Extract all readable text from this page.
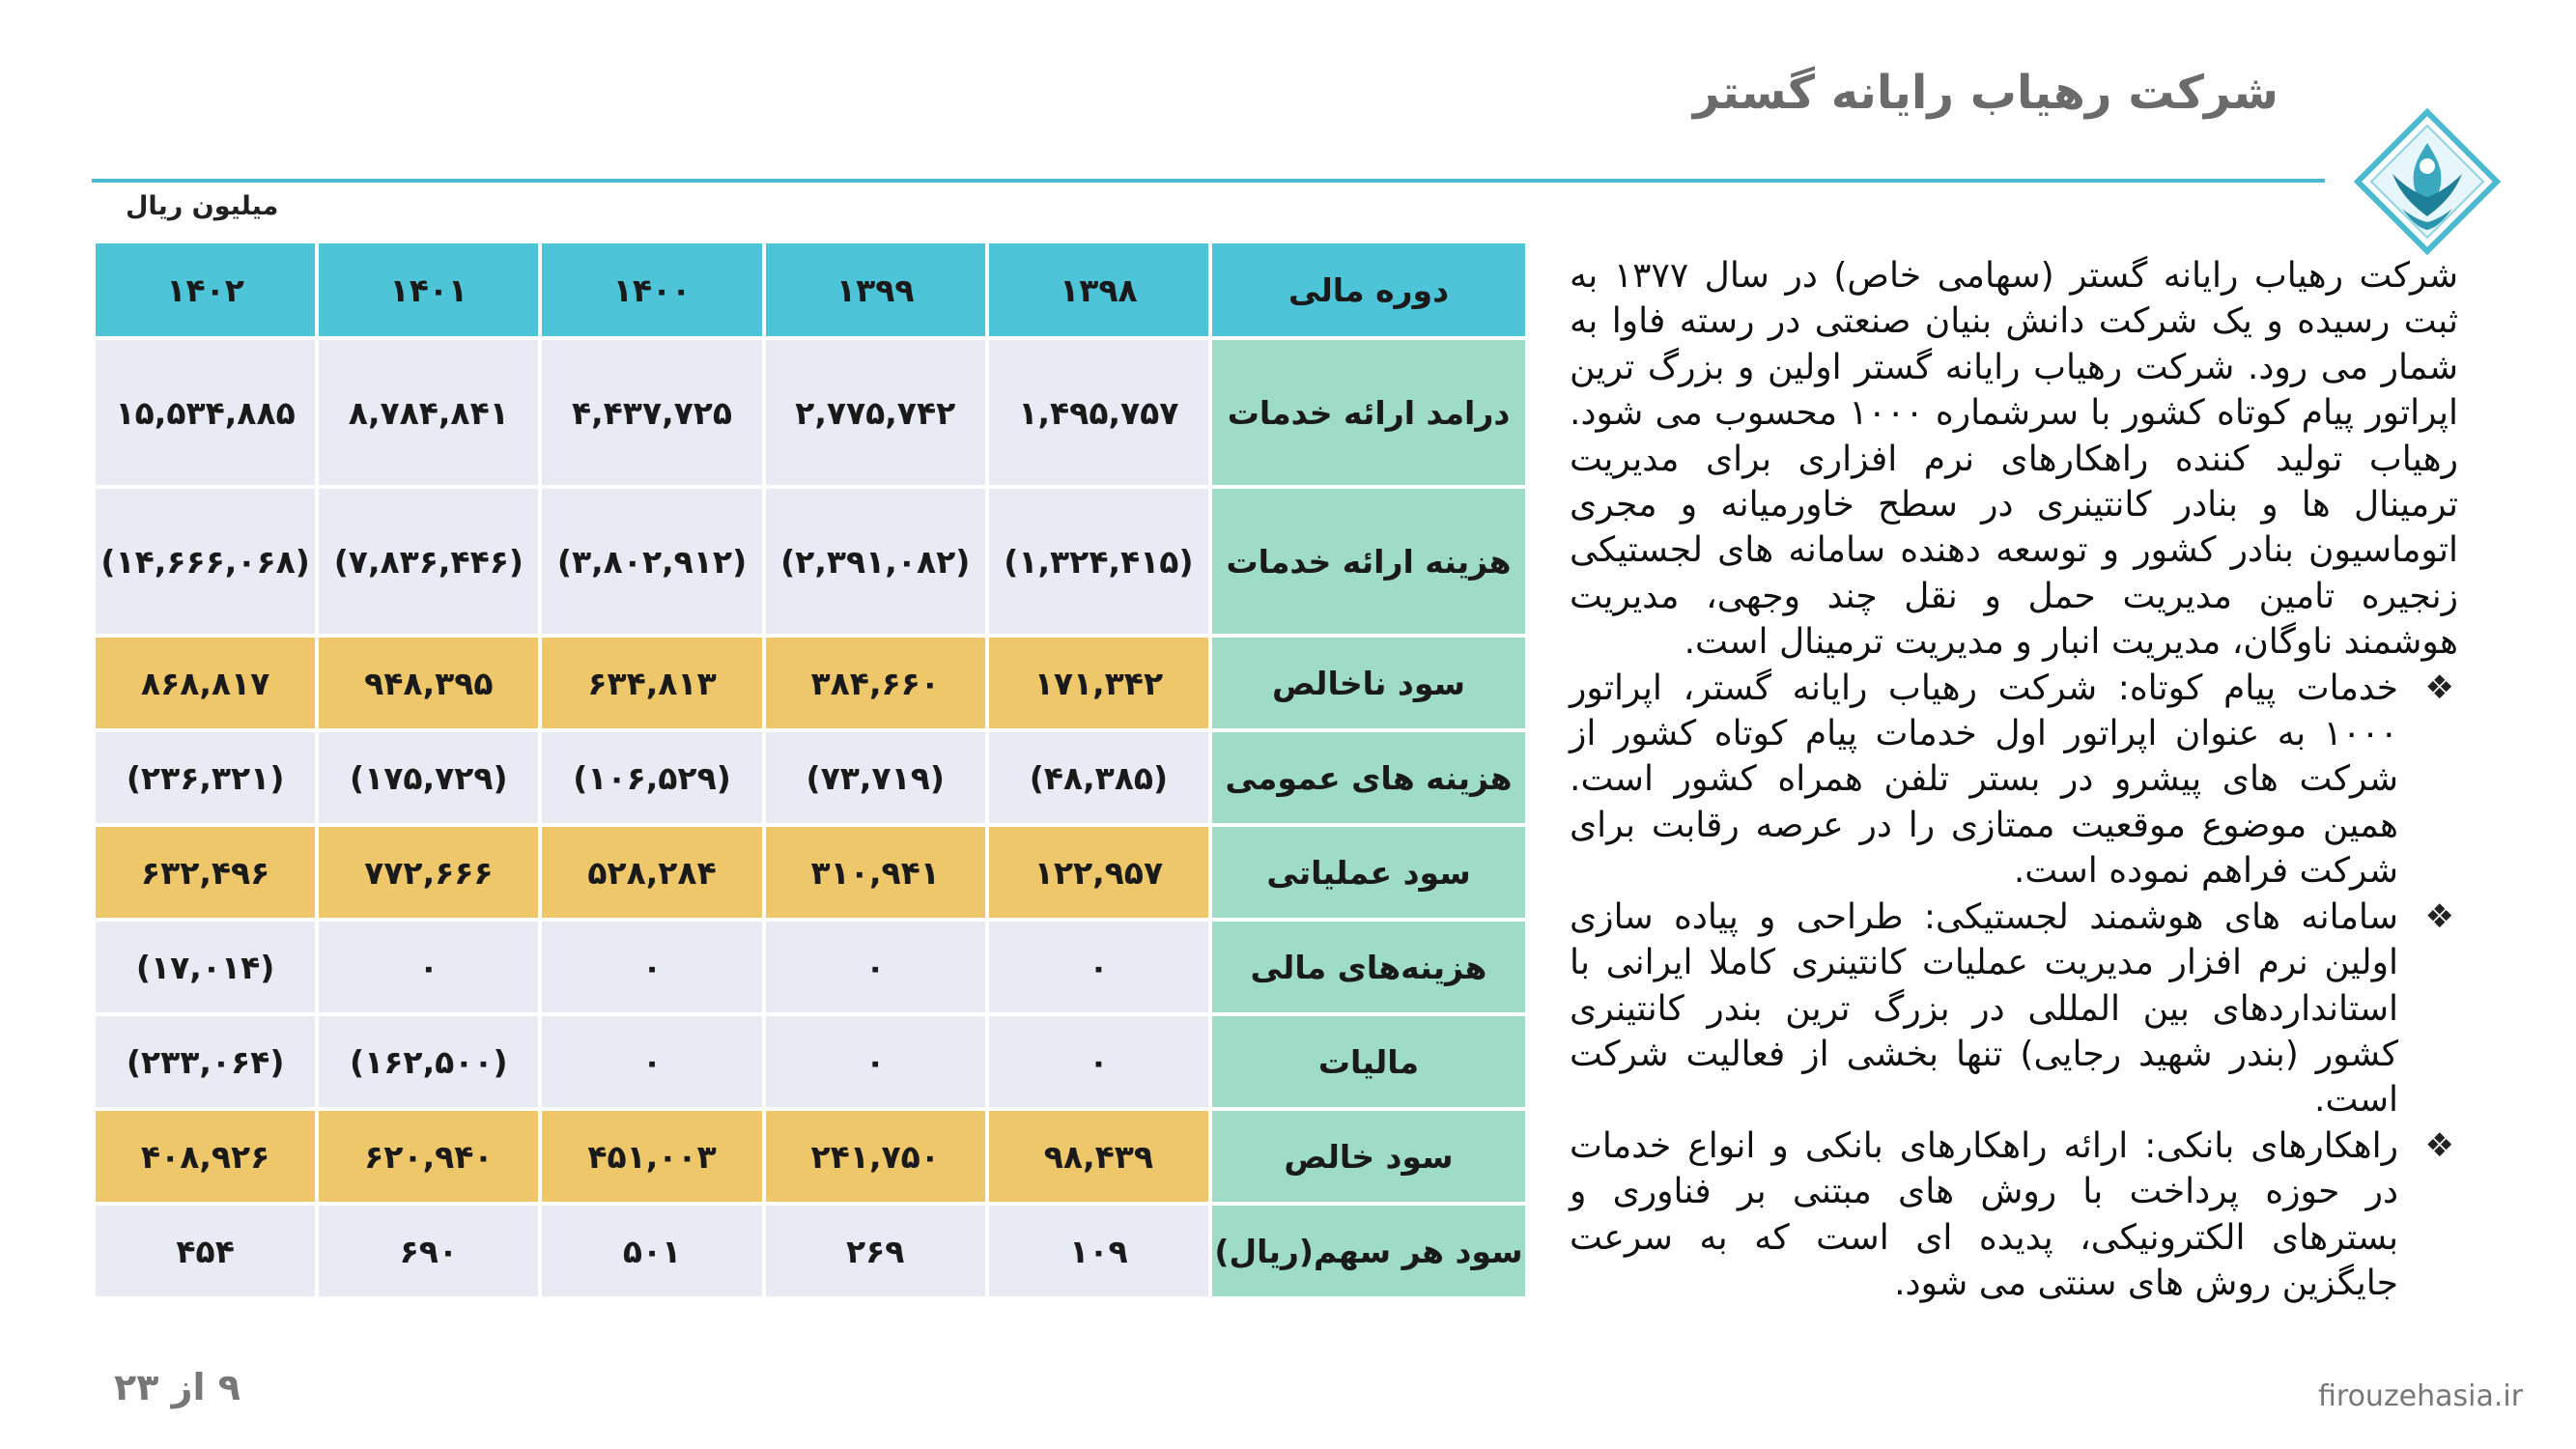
شرکت رهیاب رایانه گستر
میلیون ریال
دوره مالی	۱۳۹۸	۱۳۹۹	۱۴۰۰	۱۴۰۱	۱۴۰۲
درامد ارائه خدمات	۱,۴۹۵,۷۵۷	۲,۷۷۵,۷۴۲	۴,۴۳۷,۷۲۵	۸,۷۸۴,۸۴۱	۱۵,۵۳۴,۸۸۵
هزینه ارائه خدمات	(۱,۳۲۴,۴۱۵)	(۲,۳۹۱,۰۸۲)	(۳,۸۰۲,۹۱۲)	(۷,۸۳۶,۴۴۶)	(۱۴,۶۶۶,۰۶۸)
سود ناخالص	۱۷۱,۳۴۲	۳۸۴,۶۶۰	۶۳۴,۸۱۳	۹۴۸,۳۹۵	۸۶۸,۸۱۷
هزینه های عمومی	(۴۸,۳۸۵)	(۷۳,۷۱۹)	(۱۰۶,۵۲۹)	(۱۷۵,۷۲۹)	(۲۳۶,۳۲۱)
سود عملیاتی	۱۲۲,۹۵۷	۳۱۰,۹۴۱	۵۲۸,۲۸۴	۷۷۲,۶۶۶	۶۳۲,۴۹۶
هزینه‌های مالی	۰	۰	۰	۰	(۱۷,۰۱۴)
مالیات	۰	۰	۰	(۱۶۲,۵۰۰)	(۲۳۳,۰۶۴)
سود خالص	۹۸,۴۳۹	۲۴۱,۷۵۰	۴۵۱,۰۰۳	۶۲۰,۹۴۰	۴۰۸,۹۲۶
سود هر سهم(ریال)	۱۰۹	۲۶۹	۵۰۱	۶۹۰	۴۵۴

شرکت رهیاب رایانه گستر (سهامی خاص) در سال ۱۳۷۷ به ثبت رسیده و یک شرکت دانش بنیان صنعتی در رسته فاوا به شمار می رود. شرکت رهیاب رایانه گستر اولین و بزرگ ترین اپراتور پیام کوتاه کشور با سرشماره ۱۰۰۰ محسوب می شود. رهیاب تولید کننده راهکارهای نرم افزاری برای مدیریت ترمینال ها و بنادر کانتینری در سطح خاورمیانه و مجری اتوماسیون بنادر کشور و توسعه دهنده سامانه های لجستیکی زنجیره تامین مدیریت حمل و نقل چند وجهی، مدیریت هوشمند ناوگان، مدیریت انبار و مدیریت ترمینال است.

❖
خدمات پیام کوتاه: شرکت رهیاب رایانه گستر، اپراتور ۱۰۰۰ به عنوان اپراتور اول خدمات پیام کوتاه کشور از شرکت های پیشرو در بستر تلفن همراه کشور است. همین موضوع موقعیت ممتازی را در عرصه رقابت برای شرکت فراهم نموده است.
❖
سامانه های هوشمند لجستیکی: طراحی و پیاده سازی اولین نرم افزار مدیریت عملیات کانتینری کاملا ایرانی با استانداردهای بین المللی در بزرگ ترین بندر کانتینری کشور (بندر شهید رجایی) تنها بخشی از فعالیت شرکت است.
❖
راهکارهای بانکی: ارائه راهکارهای بانکی و انواع خدمات در حوزه پرداخت با روش های مبتنی بر فناوری و بسترهای الکترونیکی، پدیده ای است که به سرعت جایگزین روش های سنتی می شود.
۹ از ۲۳	firouzehasia.ir
